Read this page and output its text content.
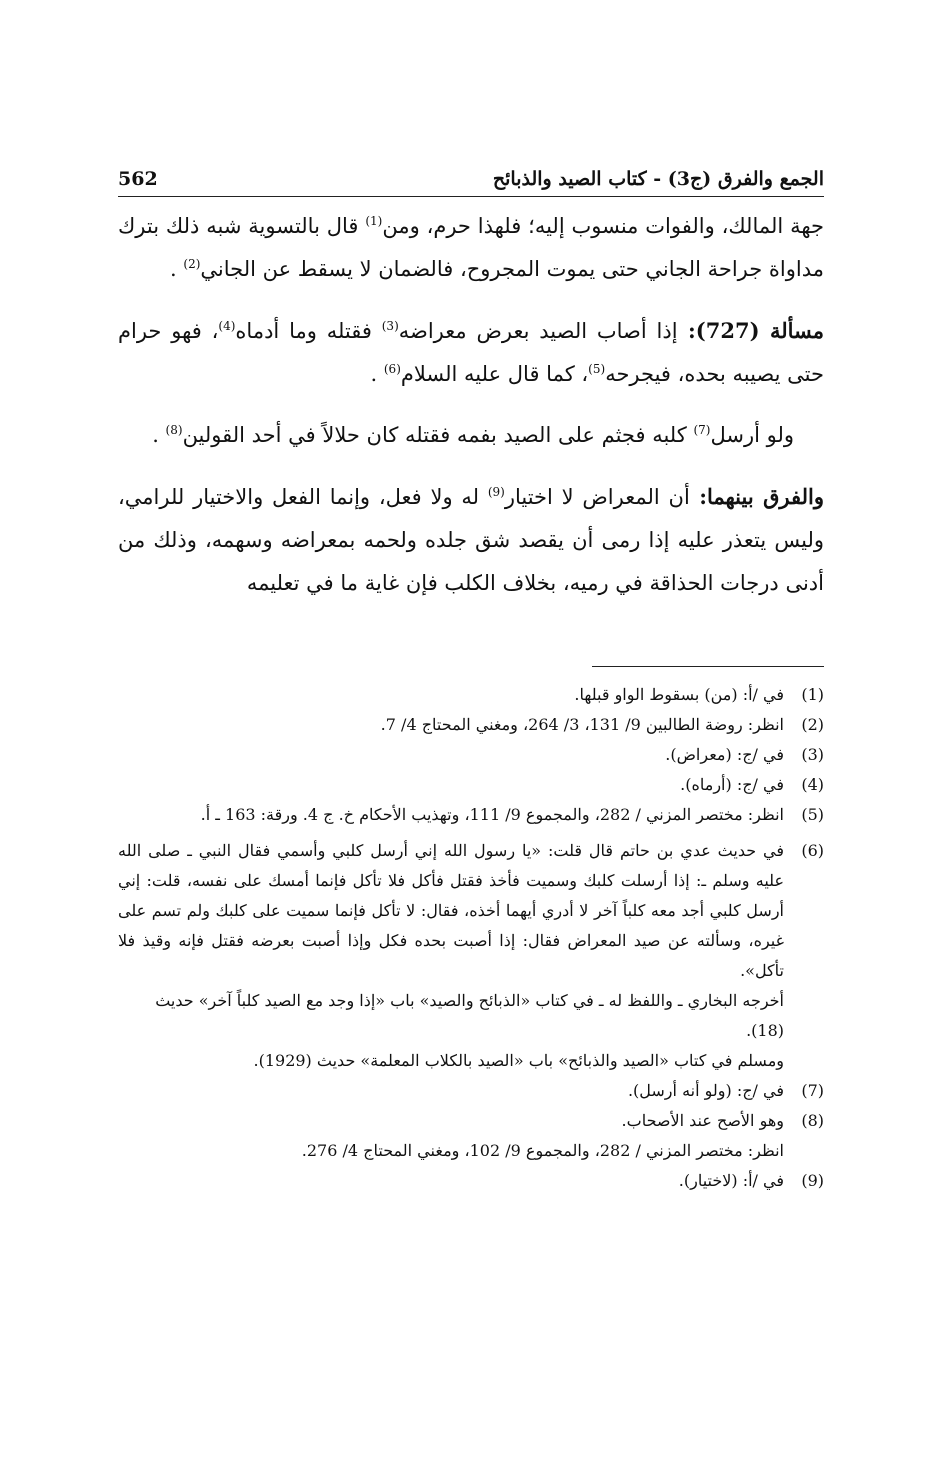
الجمع والفرق (ج3) - كتاب الصيد والذبائح
562

جهة المالك، والفوات منسوب إليه؛ فلهذا حرم، ومن$^{(1)}$ قال بالتسوية شبه ذلك بترك مداواة جراحة الجاني حتى يموت المجروح، فالضمان لا يسقط عن الجاني$^{(2)}$ .

مسألة (727): إذا أصاب الصيد بعرض معراضه$^{(3)}$ فقتله وما أدماه$^{(4)}$، فهو حرام حتى يصيبه بحده، فيجرحه$^{(5)}$، كما قال عليه السلام$^{(6)}$ .

ولو أرسل$^{(7)}$ كلبه فجثم على الصيد بفمه فقتله كان حلالاً في أحد القولين$^{(8)}$ .

والفرق بينهما: أن المعراض لا اختيار$^{(9)}$ له ولا فعل، وإنما الفعل والاختيار للرامي، وليس يتعذر عليه إذا رمى أن يقصد شق جلده ولحمه بمعراضه وسهمه، وذلك من أدنى درجات الحذاقة في رميه، بخلاف الكلب فإن غاية ما في تعليمه

(1)
في /أ: (من) بسقوط الواو قبلها.
(2)
انظر: روضة الطالبين 9/ 131، 3/ 264، ومغني المحتاج 4/ 7.
(3)
في /ج: (معراض).
(4)
في /ج: (أرماه).
(5)
انظر: مختصر المزني / 282، والمجموع 9/ 111، وتهذيب الأحكام خ. ج 4. ورقة: 163 ـ أ.
(6)
في حديث عدي بن حاتم قال قلت: «يا رسول الله إني أرسل كلبي وأسمي فقال النبي ـ صلى الله عليه وسلم ـ: إذا أرسلت كلبك وسميت فأخذ فقتل فأكل فلا تأكل فإنما أمسك على نفسه، قلت: إني أرسل كلبي أجد معه كلباً آخر لا أدري أيهما أخذه، فقال: لا تأكل فإنما سميت على كلبك ولم تسم على غيره، وسألته عن صيد المعراض فقال: إذا أصبت بحده فكل وإذا أصبت بعرضه فقتل فإنه وقيذ فلا تأكل».
أخرجه البخاري ـ واللفظ له ـ في كتاب «الذبائح والصيد» باب «إذا وجد مع الصيد كلباً آخر» حديث (18).
ومسلم في كتاب «الصيد والذبائح» باب «الصيد بالكلاب المعلمة» حديث (1929).
(7)
في /ج: (ولو أنه أرسل).
(8)
وهو الأصح عند الأصحاب.
انظر: مختصر المزني / 282، والمجموع 9/ 102، ومغني المحتاج 4/ 276.
(9)
في /أ: (لاختيار).
